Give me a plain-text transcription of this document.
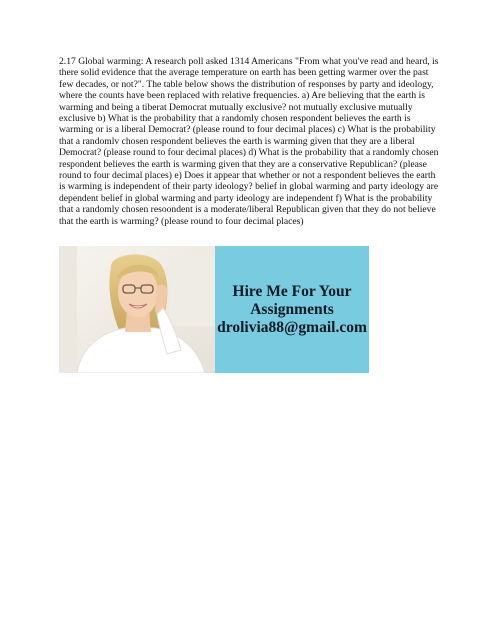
2.17 Global warming: A research poll asked 1314 Americans "From what you've read and heard, is there solid evidence that the average temperature on earth has been getting warmer over the past few decades, or not?". The table below shows the distribution of responses by party and ideology, where the counts have been replaced with relative frequencies. a) Are believing that the earth is warming and being a tiberat Democrat mutually exclusive? not mutually exclusive mutually exclusive b) What is the probability that a randomly chosen respondent believes the earth is warming or is a liberal Democrat? (please round to four decimal places) c) What is the probability that a randomlv chosen respondent believes the earth is warming given that they are a liberal Democrat? (please round to four decimal places) d) What is the probability that a randomly chosen respondent believes the earth is warming given that they are a conservative Republican? (please round to four decimal places) e) Does it appear that whether or not a respondent believes the earth is warming is independent of their party ideology? belief in global warming and party ideology are dependent belief in global warming and party ideology are independent f) What is the probability that a randomly chosen resoondent is a moderate/liberal Republican given that they do not believe that the earth is warming? (please round to four decimal places)

Hire Me For Your
Assignments
drolivia88@gmail.com
